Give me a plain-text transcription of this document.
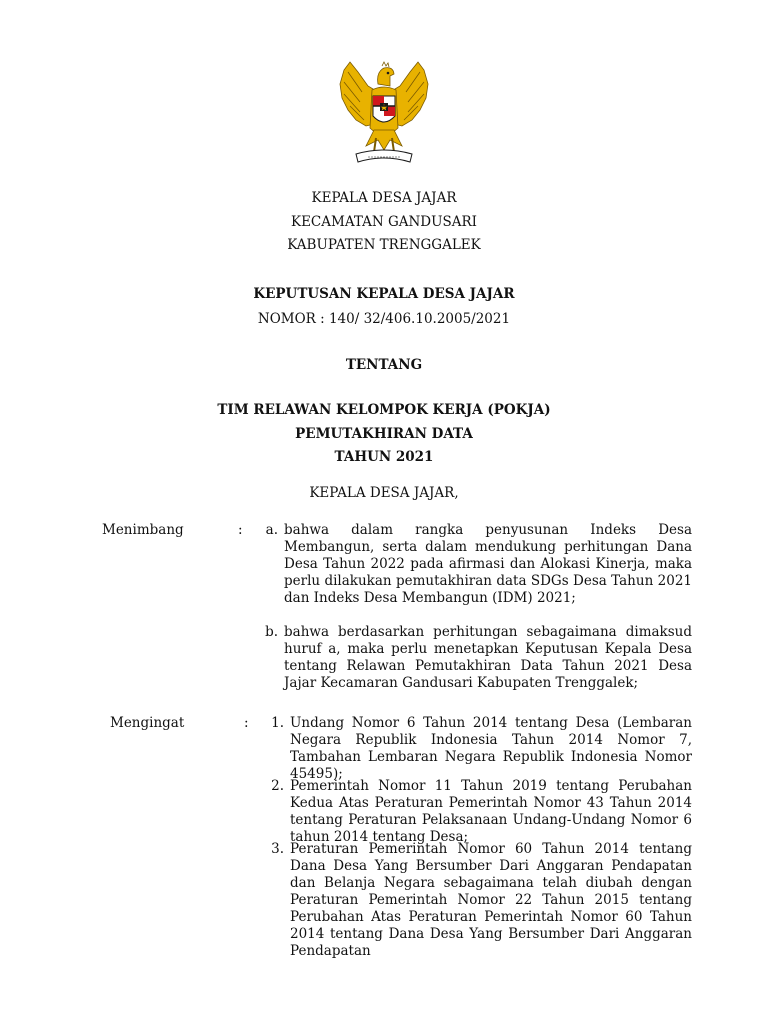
KEPALA DESA JAJAR
KECAMATAN GANDUSARI
KABUPATEN TRENGGALEK
KEPUTUSAN KEPALA DESA JAJAR
NOMOR : 140/ 32/406.10.2005/2021
TENTANG
TIM RELAWAN KELOMPOK KERJA (POKJA)
PEMUTAKHIRAN DATA
TAHUN 2021
KEPALA DESA JAJAR,
Menimbang	:	a. bahwa dalam rangka penyusunan Indeks Desa Membangun, serta dalam mendukung perhitungan Dana Desa Tahun 2022 pada afirmasi dan Alokasi Kinerja, maka perlu dilakukan pemutakhiran data SDGs Desa Tahun 2021 dan Indeks Desa Membangun (IDM) 2021;

b. bahwa berdasarkan perhitungan sebagaimana dimaksud huruf a, maka perlu menetapkan Keputusan Kepala Desa tentang Relawan Pemutakhiran Data Tahun 2021 Desa Jajar Kecamaran Gandusari Kabupaten Trenggalek;

Mengingat	:	1. Undang Nomor 6 Tahun 2014 tentang Desa (Lembaran Negara Republik Indonesia Tahun 2014 Nomor 7, Tambahan Lembaran Negara Republik Indonesia Nomor 45495);

2. Pemerintah Nomor 11 Tahun 2019 tentang Perubahan Kedua Atas Peraturan Pemerintah Nomor 43 Tahun 2014 tentang Peraturan Pelaksanaan Undang-Undang Nomor 6 tahun 2014 tentang Desa;

3. Peraturan Pemerintah Nomor 60 Tahun 2014 tentang Dana Desa Yang Bersumber Dari Anggaran Pendapatan dan Belanja Negara sebagaimana telah diubah dengan Peraturan Pemerintah Nomor 22 Tahun 2015 tentang Perubahan Atas Peraturan Pemerintah Nomor 60 Tahun 2014 tentang Dana Desa Yang Bersumber Dari Anggaran Pendapatan
